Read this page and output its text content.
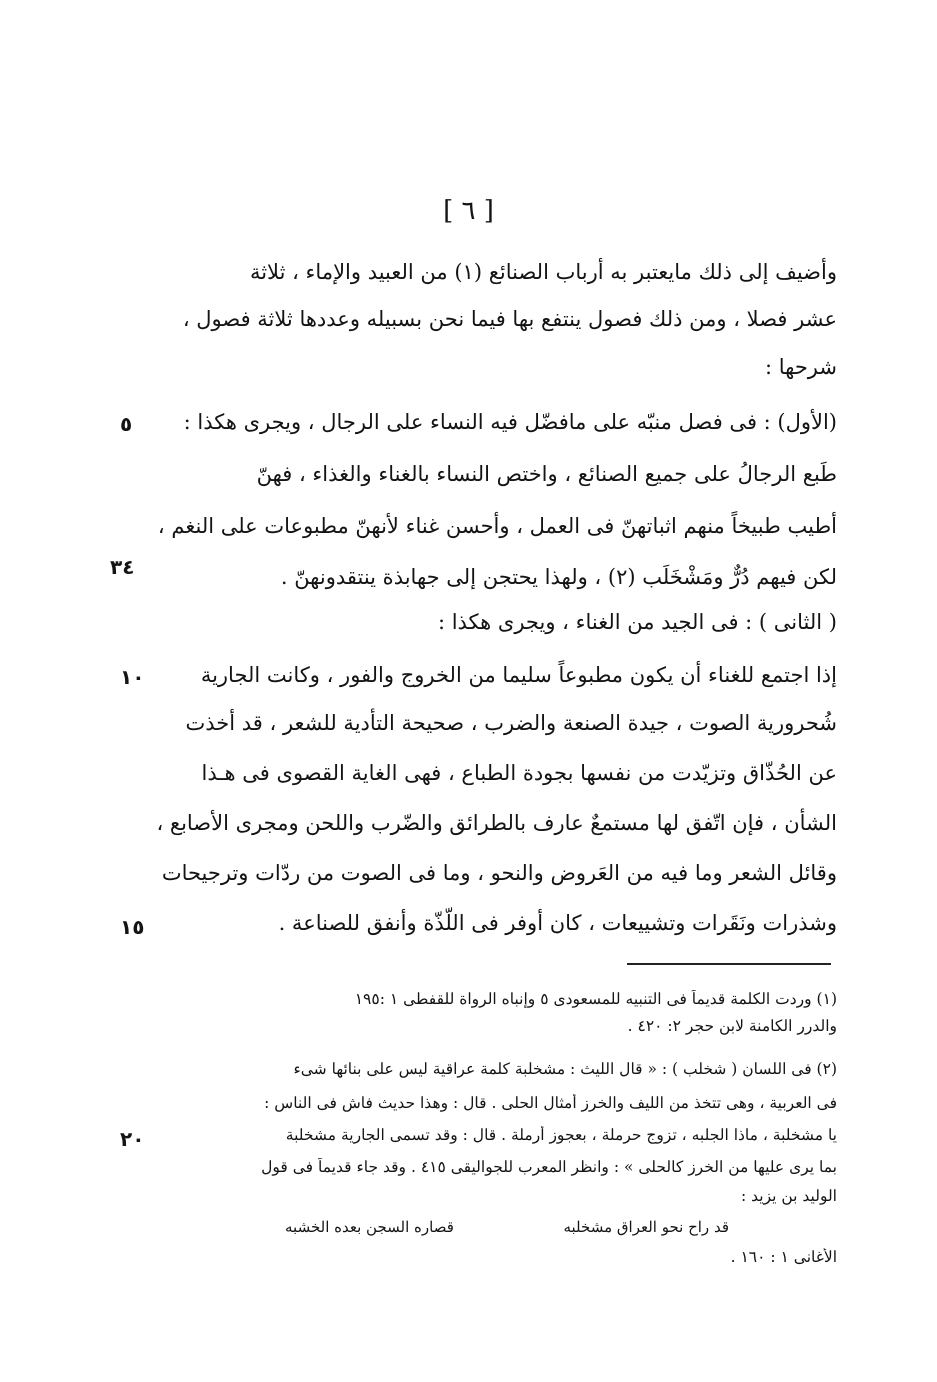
[ ٦ ]
وأضيف إلى ذلك مايعتبر به أرباب الصنائع (١) من العبيد والإماء ، ثلاثة
عشر فصلا ، ومن ذلك فصول ينتفع بها فيما نحن بسبيله وعددها ثلاثة فصول ،
شرحها :
(الأول) : فى فصل منبّه على مافضّل فيه النساء على الرجال ، ويجرى هكذا :
طَبع الرجالُ على جميع الصنائع ، واختص النساء بالغناء والغذاء ، فهنّ
أطيب طبيخاً منهم اثباتهنّ فى العمل ، وأحسن غناء لأنهنّ مطبوعات على النغم ،
لكن فيهم دُرٌّ ومَشْخَلَب (٢) ، ولهذا يحتجن إلى جهابذة ينتقدونهنّ .
( الثانى ) : فى الجيد من الغناء ، ويجرى هكذا :
إذا اجتمع للغناء أن يكون مطبوعاً سليما من الخروج والفور ، وكانت الجارية
شُحرورية الصوت ، جيدة الصنعة والضرب ، صحيحة التأدية للشعر ، قد أخذت
عن الحُذّاق وتزيّدت من نفسها بجودة الطباع ، فهى الغاية القصوى فى هـذا
الشأن ، فإن اتّفق لها مستمعٌ عارف بالطرائق والضّرب واللحن ومجرى الأصابع ،
وقائل الشعر وما فيه من العَروض والنحو ، وما فى الصوت من ردّات وترجيحات
وشذرات ونَقَرات وتشييعات ، كان أوفر فى اللّذّة وأنفق للصناعة .
٥
٣٤
١٠
١٥
٢٠
(١) وردت الكلمة قديماً فى التنبيه للمسعودى ٥ وإنباه الرواة للقفطى ١ :١٩٥
والدرر الكامنة لابن حجر ٢: ٤٢٠ .
(٢) فى اللسان ( شخلب ) : « قال الليث : مشخلبة كلمة عراقية ليس على بنائها شىء
فى العربية ، وهى تتخذ من الليف والخرز أمثال الحلى . قال : وهذا حديث فاش فى الناس :
يا مشخلبة ، ماذا الجلبه ، تزوج حرملة ، بعجوز أرملة . قال : وقد تسمى الجارية مشخلبة
بما يرى عليها من الخرز كالحلى » : وانظر المعرب للجواليقى ٤١٥ . وقد جاء قديماً فى قول
الوليد بن يزيد :
قد راح نحو العراق مشخلبه
قصاره السجن بعده الخشبه
الأغانى ١ : ١٦٠ .
